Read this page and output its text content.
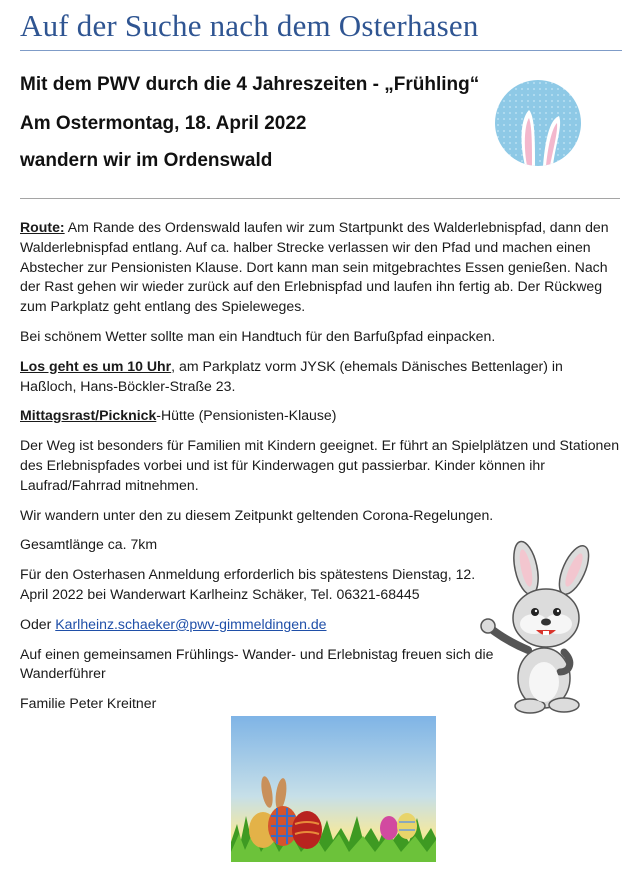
Auf der Suche nach dem Osterhasen
Mit dem PWV durch die 4 Jahreszeiten - „Frühling“
Am Ostermontag, 18. April 2022
wandern wir im Ordenswald

Route: Am Rande des Ordenswald laufen wir zum Startpunkt des Walderlebnispfad, dann den Walderlebnispfad entlang. Auf ca. halber Strecke verlassen wir den Pfad und machen einen Abstecher zur Pensionisten Klause. Dort kann man sein mitgebrachtes Essen genießen. Nach der Rast gehen wir wieder zurück auf den Erlebnispfad und laufen ihn fertig ab. Der Rückweg zum Parkplatz geht entlang des Spieleweges.

Bei schönem Wetter sollte man ein Handtuch für den Barfußpfad einpacken.

Los geht es um 10 Uhr, am Parkplatz vorm JYSK (ehemals Dänisches Bettenlager) in Haßloch, Hans-Böckler-Straße 23.

Mittagsrast/Picknick-Hütte (Pensionisten-Klause)

Der Weg ist besonders für Familien mit Kindern geeignet. Er führt an Spielplätzen und Stationen des Erlebnispfades vorbei und ist für Kinderwagen gut passierbar. Kinder können ihr Laufrad/Fahrrad mitnehmen.

Wir wandern unter den zu diesem Zeitpunkt geltenden Corona-Regelungen.

Gesamtlänge ca. 7km

Für den Osterhasen Anmeldung erforderlich bis spätestens Dienstag, 12. April 2022 bei Wanderwart Karlheinz Schäker, Tel. 06321-68445

Oder Karlheinz.schaeker@pwv-gimmeldingen.de

Auf einen gemeinsamen Frühlings- Wander- und Erlebnistag freuen sich die Wanderführer

Familie Peter Kreitner
